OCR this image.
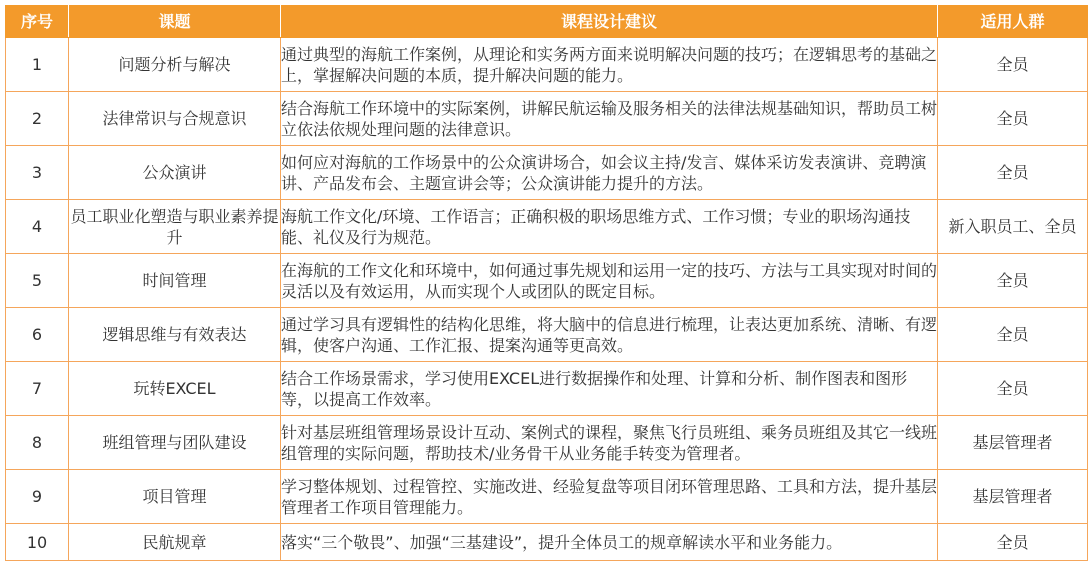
序号	课题	课程设计建议	适用人群
1	问题分析与解决	通过典型的海航工作案例，从理论和实务两方面来说明解决问题的技巧；在逻辑思考的基础之上，掌握解决问题的本质，提升解决问题的能力。	全员
2	法律常识与合规意识	结合海航工作环境中的实际案例，讲解民航运输及服务相关的法律法规基础知识，帮助员工树立依法依规处理问题的法律意识。	全员
3	公众演讲	如何应对海航的工作场景中的公众演讲场合，如会议主持/发言、媒体采访发表演讲、竞聘演讲、产品发布会、主题宣讲会等；公众演讲能力提升的方法。	全员
4	员工职业化塑造与职业素养提升	海航工作文化/环境、工作语言；正确积极的职场思维方式、工作习惯；专业的职场沟通技能、礼仪及行为规范。	新入职员工、全员
5	时间管理	在海航的工作文化和环境中，如何通过事先规划和运用一定的技巧、方法与工具实现对时间的灵活以及有效运用，从而实现个人或团队的既定目标。	全员
6	逻辑思维与有效表达	通过学习具有逻辑性的结构化思维，将大脑中的信息进行梳理，让表达更加系统、清晰、有逻辑，使客户沟通、工作汇报、提案沟通等更高效。	全员
7	玩转EXCEL	结合工作场景需求，学习使用EXCEL进行数据操作和处理、计算和分析、制作图表和图形等，以提高工作效率。	全员
8	班组管理与团队建设	针对基层班组管理场景设计互动、案例式的课程，聚焦飞行员班组、乘务员班组及其它一线班组管理的实际问题，帮助技术/业务骨干从业务能手转变为管理者。	基层管理者
9	项目管理	学习整体规划、过程管控、实施改进、经验复盘等项目闭环管理思路、工具和方法，提升基层管理者工作项目管理能力。	基层管理者
10	民航规章	落实“三个敬畏”、加强“三基建设”，提升全体员工的规章解读水平和业务能力。	全员
